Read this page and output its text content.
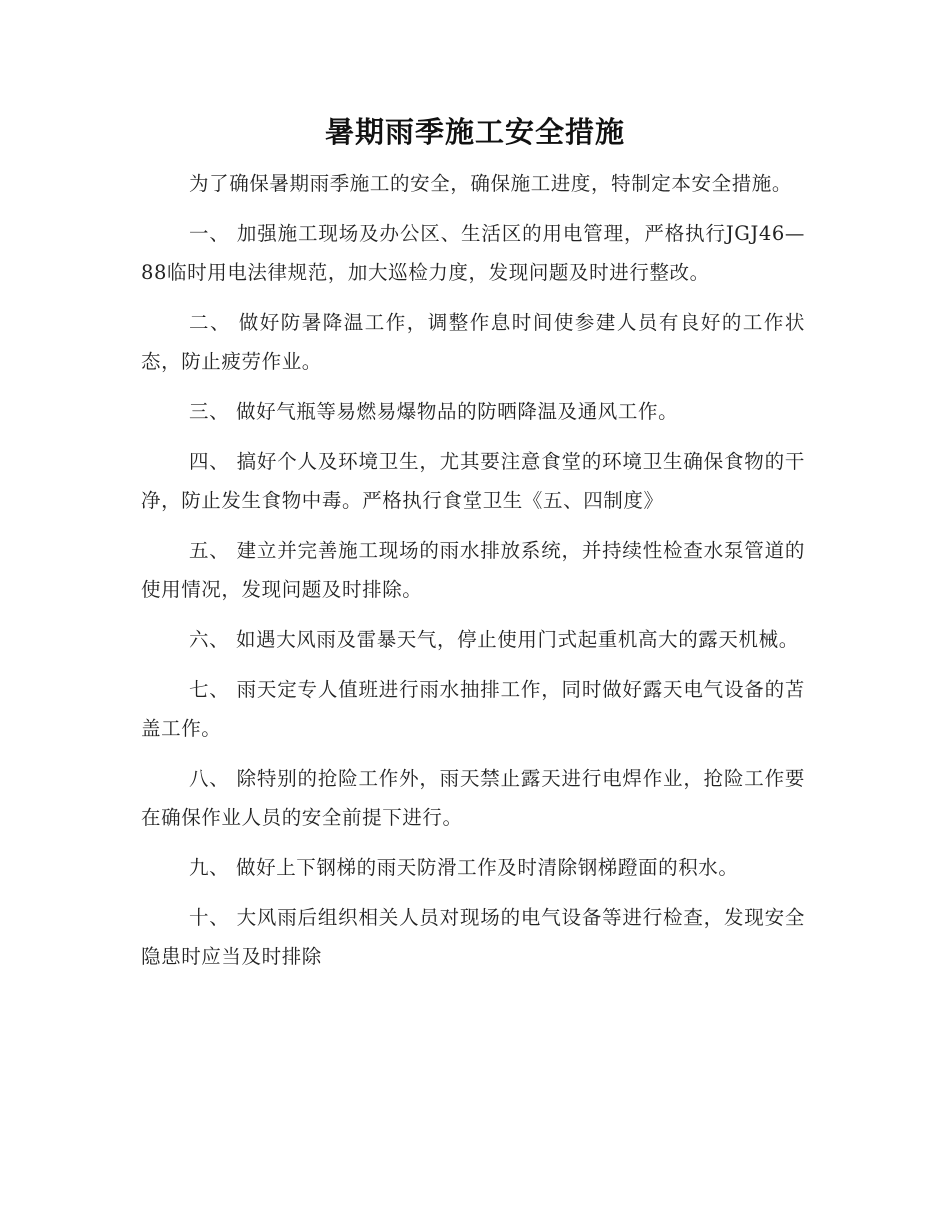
暑期雨季施工安全措施

为了确保暑期雨季施工的安全，确保施工进度，特制定本安全措施。

一、 加强施工现场及办公区、生活区的用电管理，严格执行JGJ46—88临时用电法律规范，加大巡检力度，发现问题及时进行整改。

二、 做好防暑降温工作，调整作息时间使参建人员有良好的工作状态，防止疲劳作业。

三、 做好气瓶等易燃易爆物品的防晒降温及通风工作。

四、 搞好个人及环境卫生，尤其要注意食堂的环境卫生确保食物的干净，防止发生食物中毒。严格执行食堂卫生《五、四制度》

五、 建立并完善施工现场的雨水排放系统，并持续性检查水泵管道的使用情况，发现问题及时排除。

六、 如遇大风雨及雷暴天气，停止使用门式起重机高大的露天机械。

七、 雨天定专人值班进行雨水抽排工作，同时做好露天电气设备的苫盖工作。

八、 除特别的抢险工作外，雨天禁止露天进行电焊作业，抢险工作要在确保作业人员的安全前提下进行。

九、 做好上下钢梯的雨天防滑工作及时清除钢梯蹬面的积水。

十、 大风雨后组织相关人员对现场的电气设备等进行检查，发现安全隐患时应当及时排除
